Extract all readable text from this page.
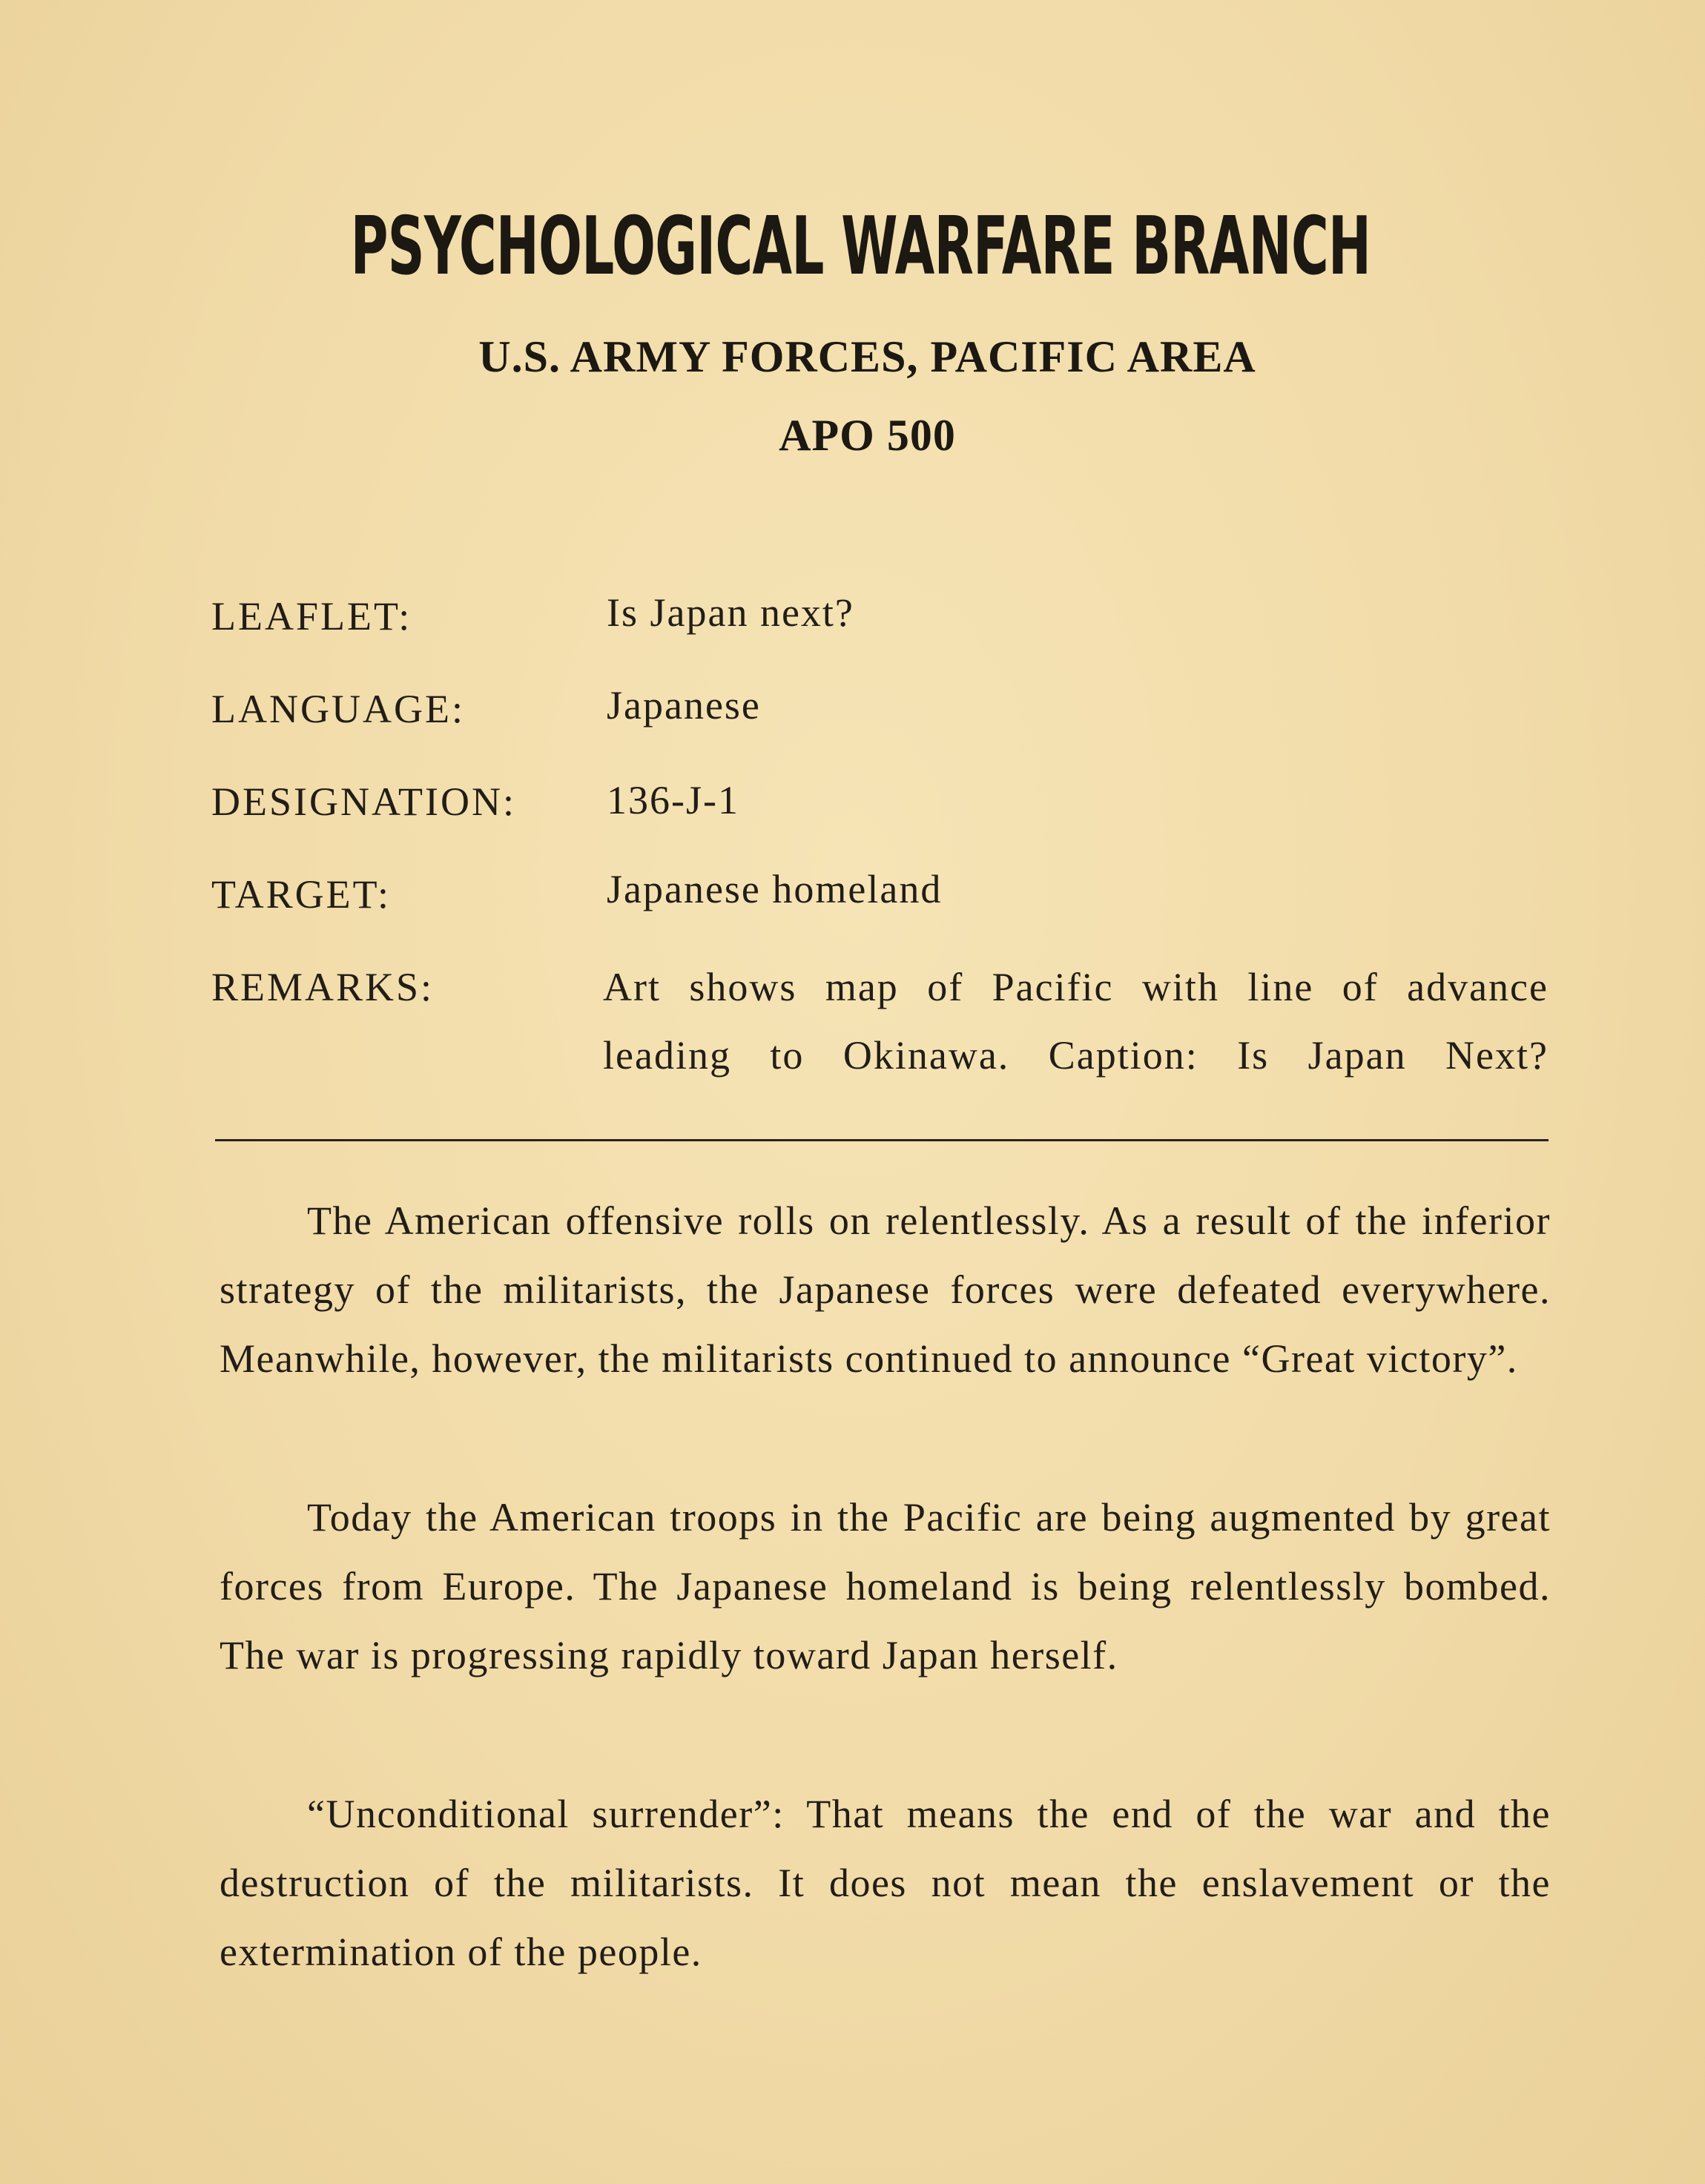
PSYCHOLOGICAL WARFARE BRANCH
U.S. ARMY FORCES, PACIFIC AREA
APO 500
LEAFLET:	Is Japan next?
LANGUAGE:	Japanese
DESIGNATION: 136-J-1
TARGET:	Japanese homeland
REMARKS:	Art shows map of Pacific with line of advance leading to Okinawa. Caption: Is Japan Next?

The American offensive rolls on relentlessly. As a result of the inferior strategy of the militarists, the Japanese forces were defeated everywhere. Meanwhile, however, the militarists continued to announce “Great victory”.

Today the American troops in the Pacific are being augmented by great forces from Europe. The Japanese homeland is being relentlessly bombed. The war is progressing rapidly toward Japan herself.

“Unconditional surrender”: That means the end of the war and the destruction of the militarists. It does not mean the enslavement or the extermination of the people.
